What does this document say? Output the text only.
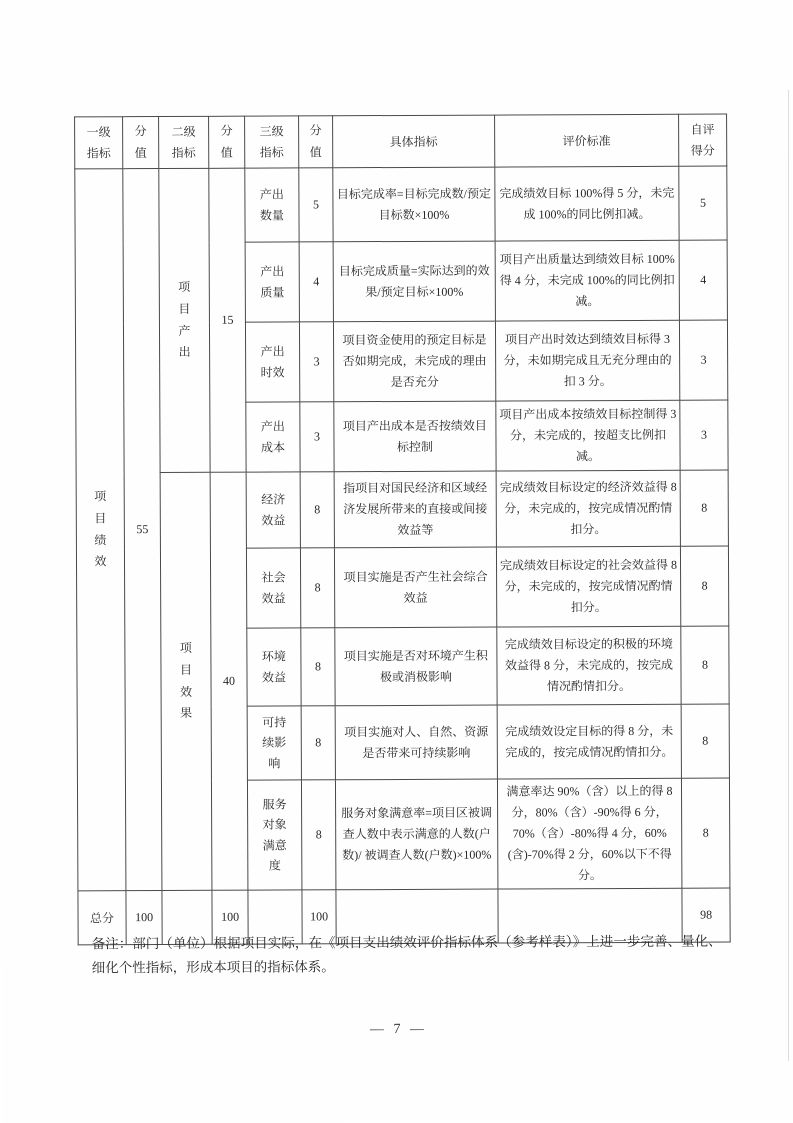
一级指标	分值	二级指标	分值	三级指标	分值	具体指标	评价标准	自评得分
项目绩效	55	项目产出	15	产出数量	5	目标完成率=目标完成数/预定目标数×100%	完成绩效目标 100%得 5 分，未完成 100%的同比例扣减。	5
				产出质量	4	目标完成质量=实际达到的效果/预定目标×100%	项目产出质量达到绩效目标 100%得 4 分，未完成 100%的同比例扣减。	4
				产出时效	3	项目资金使用的预定目标是否如期完成，未完成的理由是否充分	项目产出时效达到绩效目标得 3 分，未如期完成且无充分理由的扣 3 分。	3
				产出成本	3	项目产出成本是否按绩效目标控制	项目产出成本按绩效目标控制得 3 分，未完成的，按超支比例扣减。	3
		项目效果	40	经济效益	8	指项目对国民经济和区域经济发展所带来的直接或间接效益等	完成绩效目标设定的经济效益得 8 分，未完成的，按完成情况酌情扣分。	8
				社会效益	8	项目实施是否产生社会综合效益	完成绩效目标设定的社会效益得 8 分，未完成的，按完成情况酌情扣分。	8
				环境效益	8	项目实施是否对环境产生积极或消极影响	完成绩效目标设定的积极的环境效益得 8 分，未完成的，按完成情况酌情扣分。	8
				可持续影响	8	项目实施对人、自然、资源是否带来可持续影响	完成绩效设定目标的得 8 分，未完成的，按完成情况酌情扣分。	8
				服务对象满意度	8	服务对象满意率=项目区被调查人数中表示满意的人数(户数)/ 被调查人数(户数)×100%	满意率达 90%（含）以上的得 8 分，80%（含）-90%得 6 分，70%（含）-80%得 4 分，60%(含)-70%得 2 分，60%以下不得分。	8
总分	100		100		100			98
备注：部门（单位）根据项目实际，在《项目支出绩效评价指标体系（参考样表）》上进一步完善、量化、细化个性指标，形成本项目的指标体系。
— 7 —
